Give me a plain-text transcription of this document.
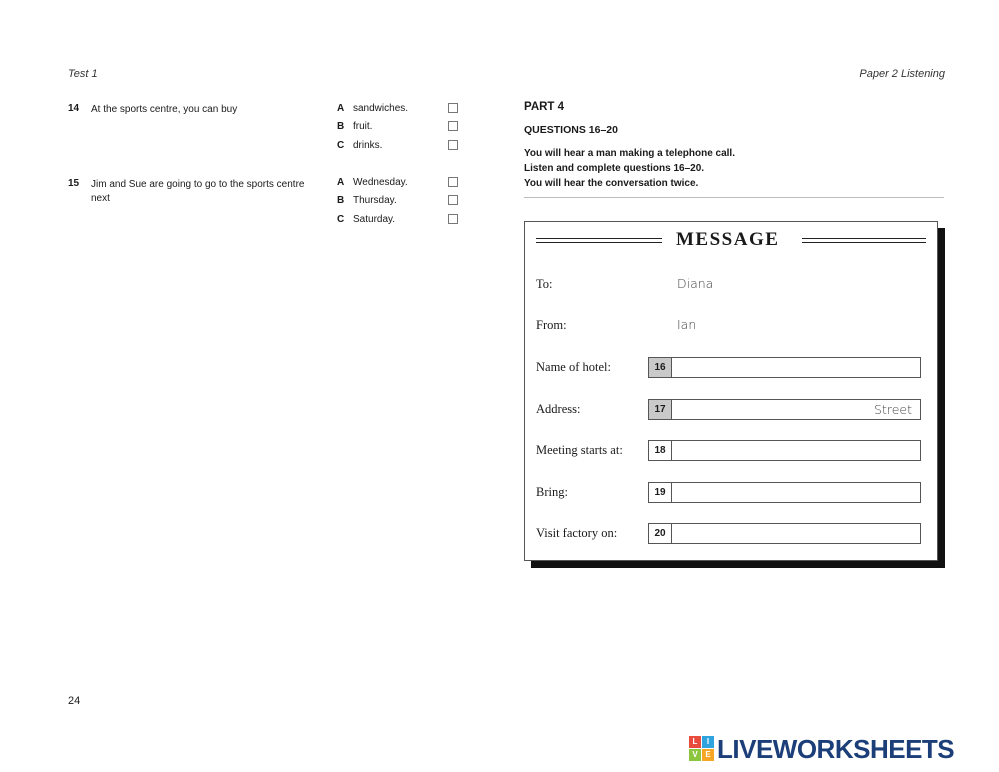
Test 1	Paper 2 Listening
14 At the sports centre, you can buy	A sandwiches.
B fruit.
C drinks.
15 Jim and Sue are going to go to the sports centre next
A Wednesday.
B Thursday.
C Saturday.
PART 4
QUESTIONS 16–20
You will hear a man making a telephone call.
Listen and complete questions 16–20.
You will hear the conversation twice.
MESSAGE
To:	Diana
From:	Ian
Name of hotel:	16
Address:	17	Street
Meeting starts at:	18
Bring:	19
Visit factory on:	20
24
L	I
V E LIVEWORKSHEETS
